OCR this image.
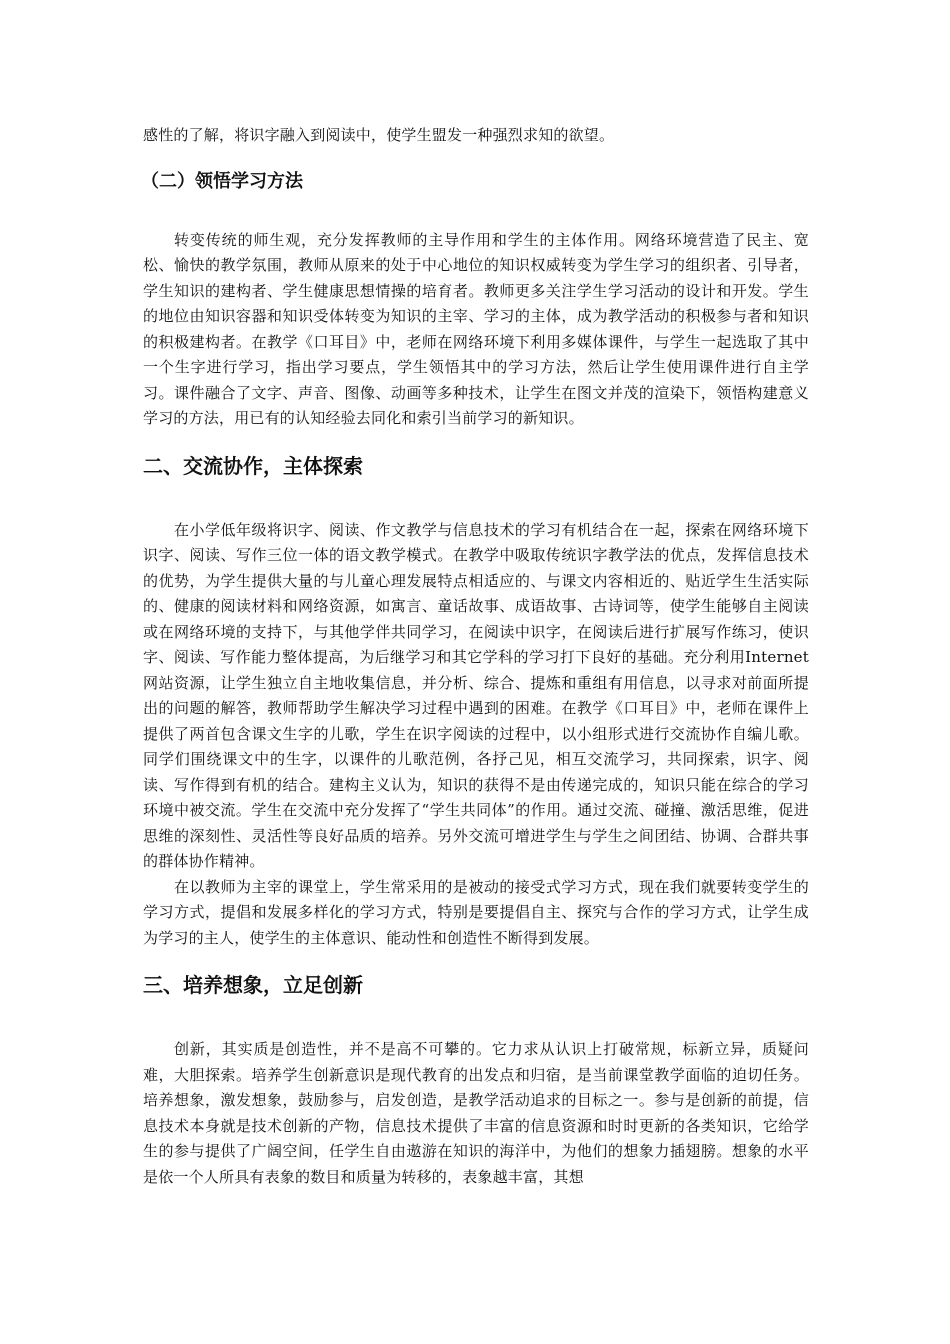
感性的了解，将识字融入到阅读中，使学生盟发一种强烈求知的欲望。

（二）领悟学习方法

转变传统的师生观，充分发挥教师的主导作用和学生的主体作用。网络环境营造了民主、宽松、愉快的教学氛围，教师从原来的处于中心地位的知识权威转变为学生学习的组织者、引导者，学生知识的建构者、学生健康思想情操的培育者。教师更多关注学生学习活动的设计和开发。学生的地位由知识容器和知识受体转变为知识的主宰、学习的主体，成为教学活动的积极参与者和知识的积极建构者。在教学《口耳目》中，老师在网络环境下利用多媒体课件，与学生一起选取了其中一个生字进行学习，指出学习要点，学生领悟其中的学习方法，然后让学生使用课件进行自主学习。课件融合了文字、声音、图像、动画等多种技术，让学生在图文并茂的渲染下，领悟构建意义学习的方法，用已有的认知经验去同化和索引当前学习的新知识。

二、交流协作，主体探索

在小学低年级将识字、阅读、作文教学与信息技术的学习有机结合在一起，探索在网络环境下识字、阅读、写作三位一体的语文教学模式。在教学中吸取传统识字教学法的优点，发挥信息技术的优势，为学生提供大量的与儿童心理发展特点相适应的、与课文内容相近的、贴近学生生活实际的、健康的阅读材料和网络资源，如寓言、童话故事、成语故事、古诗词等，使学生能够自主阅读或在网络环境的支持下，与其他学伴共同学习，在阅读中识字，在阅读后进行扩展写作练习，使识字、阅读、写作能力整体提高，为后继学习和其它学科的学习打下良好的基础。充分利用Internet网站资源，让学生独立自主地收集信息，并分析、综合、提炼和重组有用信息，以寻求对前面所提出的问题的解答，教师帮助学生解决学习过程中遇到的困难。在教学《口耳目》中，老师在课件上提供了两首包含课文生字的儿歌，学生在识字阅读的过程中，以小组形式进行交流协作自编儿歌。同学们围绕课文中的生字，以课件的儿歌范例，各抒己见，相互交流学习，共同探索，识字、阅读、写作得到有机的结合。建构主义认为，知识的获得不是由传递完成的，知识只能在综合的学习环境中被交流。学生在交流中充分发挥了“学生共同体”的作用。通过交流、碰撞、激活思维，促进思维的深刻性、灵活性等良好品质的培养。另外交流可增进学生与学生之间团结、协调、合群共事的群体协作精神。

在以教师为主宰的课堂上，学生常采用的是被动的接受式学习方式，现在我们就要转变学生的学习方式，提倡和发展多样化的学习方式，特别是要提倡自主、探究与合作的学习方式，让学生成为学习的主人，使学生的主体意识、能动性和创造性不断得到发展。

三、培养想象，立足创新

创新，其实质是创造性，并不是高不可攀的。它力求从认识上打破常规，标新立异，质疑问难，大胆探索。培养学生创新意识是现代教育的出发点和归宿，是当前课堂教学面临的迫切任务。培养想象，激发想象，鼓励参与，启发创造，是教学活动追求的目标之一。参与是创新的前提，信息技术本身就是技术创新的产物，信息技术提供了丰富的信息资源和时时更新的各类知识，它给学生的参与提供了广阔空间，任学生自由遨游在知识的海洋中，为他们的想象力插翅膀。想象的水平是依一个人所具有表象的数目和质量为转移的，表象越丰富，其想
